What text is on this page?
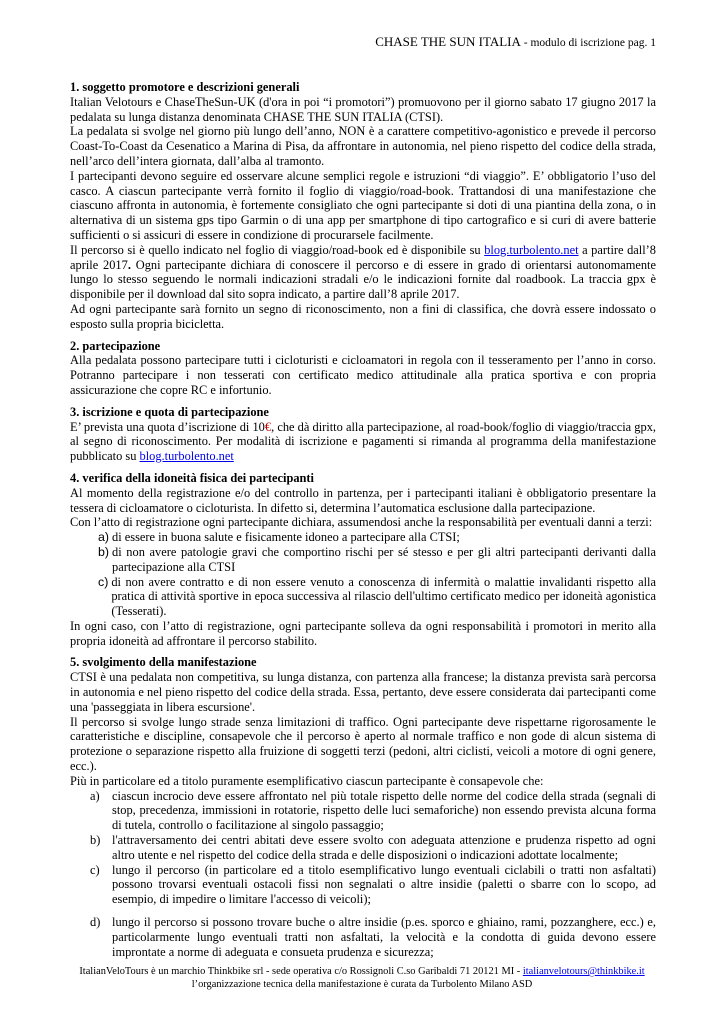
CHASE THE SUN ITALIA - modulo di iscrizione pag. 1

1. soggetto promotore e descrizioni generali

Italian Velotours e ChaseTheSun-UK (d'ora in poi “i promotori”) promuovono per il giorno sabato 17 giugno 2017 la pedalata su lunga distanza denominata CHASE THE SUN ITALIA (CTSI).

La pedalata si svolge nel giorno più lungo dell’anno, NON è a carattere competitivo-agonistico e prevede il percorso Coast-To-Coast da Cesenatico a Marina di Pisa, da affrontare in autonomia, nel pieno rispetto del codice della strada, nell’arco dell’intera giornata, dall’alba al tramonto.

I partecipanti devono seguire ed osservare alcune semplici regole e istruzioni “di viaggio”. E’ obbligatorio l’uso del casco. A ciascun partecipante verrà fornito il foglio di viaggio/road-book. Trattandosi di una manifestazione che ciascuno affronta in autonomia, è fortemente consigliato che ogni partecipante si doti di una piantina della zona, o in alternativa di un sistema gps tipo Garmin o di una app per smartphone di tipo cartografico e si curi di avere batterie sufficienti o si assicuri di essere in condizione di procurarsele facilmente.

Il percorso si è quello indicato nel foglio di viaggio/road-book ed è disponibile su blog.turbolento.net a partire dall’8 aprile 2017. Ogni partecipante dichiara di conoscere il percorso e di essere in grado di orientarsi autonomamente lungo lo stesso seguendo le normali indicazioni stradali e/o le indicazioni fornite dal roadbook. La traccia gpx è disponibile per il download dal sito sopra indicato, a partire dall’8 aprile 2017.

Ad ogni partecipante sarà fornito un segno di riconoscimento, non a fini di classifica, che dovrà essere indossato o esposto sulla propria bicicletta.

2. partecipazione

Alla pedalata possono partecipare tutti i cicloturisti e cicloamatori in regola con il tesseramento per l’anno in corso. Potranno partecipare i non tesserati con certificato medico attitudinale alla pratica sportiva e con propria assicurazione che copre RC e infortunio.

3. iscrizione e quota di partecipazione

E’ prevista una quota d’iscrizione di 10€, che dà diritto alla partecipazione, al road-book/foglio di viaggio/traccia gpx, al segno di riconoscimento. Per modalità di iscrizione e pagamenti si rimanda al programma della manifestazione pubblicato su blog.turbolento.net

4. verifica della idoneità fisica dei partecipanti

Al momento della registrazione e/o del controllo in partenza, per i partecipanti italiani è obbligatorio presentare la tessera di cicloamatore o cicloturista. In difetto si, determina l’automatica esclusione dalla partecipazione.

Con l’atto di registrazione ogni partecipante dichiara, assumendosi anche la responsabilità per eventuali danni a terzi:

a) di essere in buona salute e fisicamente idoneo a partecipare alla CTSI;
b) di non avere patologie gravi che comportino rischi per sé stesso e per gli altri partecipanti derivanti dalla partecipazione alla CTSI
c) di non avere contratto e di non essere venuto a conoscenza di infermità o malattie invalidanti rispetto alla pratica di attività sportive in epoca successiva al rilascio dell'ultimo certificato medico per idoneità agonistica (Tesserati).

In ogni caso, con l’atto di registrazione, ogni partecipante solleva da ogni responsabilità i promotori in merito alla propria idoneità ad affrontare il percorso stabilito.

5. svolgimento della manifestazione

CTSI è una pedalata non competitiva, su lunga distanza, con partenza alla francese; la distanza prevista sarà percorsa in autonomia e nel pieno rispetto del codice della strada. Essa, pertanto, deve essere considerata dai partecipanti come una 'passeggiata in libera escursione'.

Il percorso si svolge lungo strade senza limitazioni di traffico. Ogni partecipante deve rispettarne rigorosamente le caratteristiche e discipline, consapevole che il percorso è aperto al normale traffico e non gode di alcun sistema di protezione o separazione rispetto alla fruizione di soggetti terzi (pedoni, altri ciclisti, veicoli a motore di ogni genere, ecc.).

Più in particolare ed a titolo puramente esemplificativo ciascun partecipante è consapevole che:

a) ciascun incrocio deve essere affrontato nel più totale rispetto delle norme del codice della strada (segnali di stop, precedenza, immissioni in rotatorie, rispetto delle luci semaforiche) non essendo prevista alcuna forma di tutela, controllo o facilitazione al singolo passaggio;
b) l'attraversamento dei centri abitati deve essere svolto con adeguata attenzione e prudenza rispetto ad ogni altro utente e nel rispetto del codice della strada e delle disposizioni o indicazioni adottate localmente;
c) lungo il percorso (in particolare ed a titolo esemplificativo lungo eventuali ciclabili o tratti non asfaltati) possono trovarsi eventuali ostacoli fissi non segnalati o altre insidie (paletti o sbarre con lo scopo, ad esempio, di impedire o limitare l'accesso di veicoli);
d) lungo il percorso si possono trovare buche o altre insidie (p.es. sporco e ghiaino, rami, pozzanghere, ecc.) e, particolarmente lungo eventuali tratti non asfaltati, la velocità e la condotta di guida devono essere improntate a norme di adeguata e consueta prudenza e sicurezza;
ItalianVeloTours è un marchio Thinkbike srl - sede operativa c/o Rossignoli C.so Garibaldi 71 20121 MI - italianvelotours@thinkbike.it
l’organizzazione tecnica della manifestazione è curata da Turbolento Milano ASD
